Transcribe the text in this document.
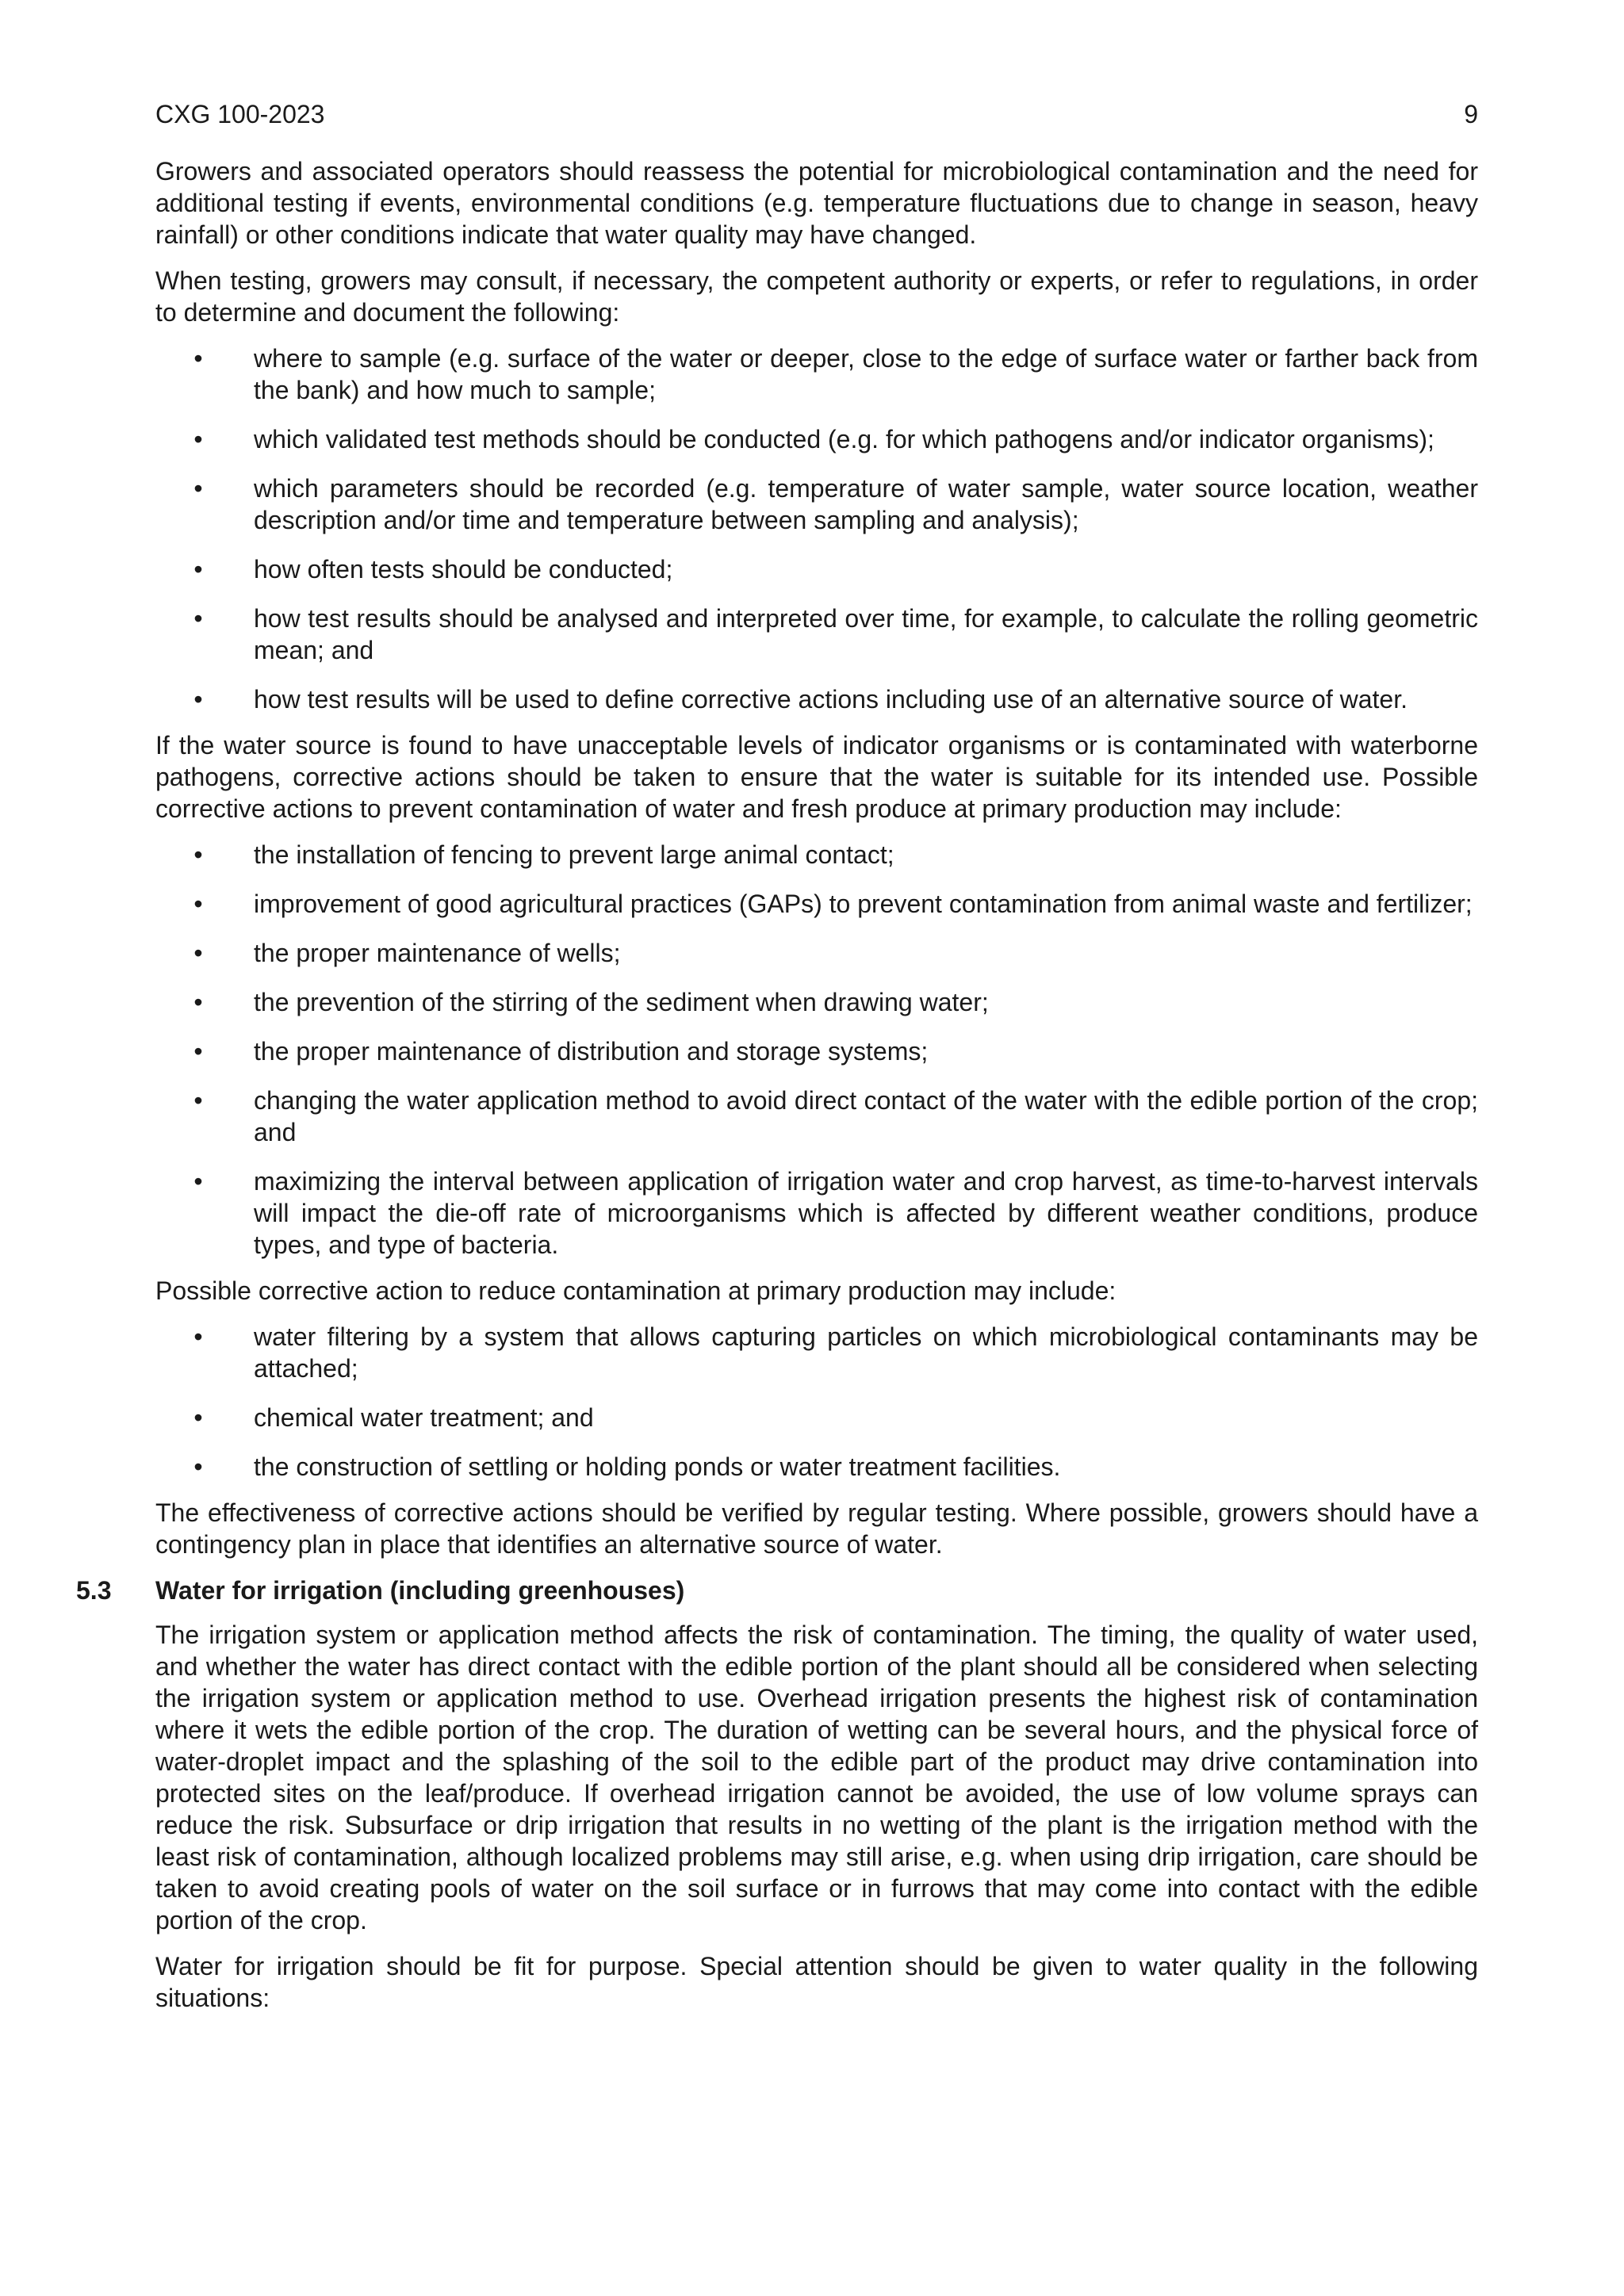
CXG 100-2023	9

Growers and associated operators should reassess the potential for microbiological contamination and the need for additional testing if events, environmental conditions (e.g. temperature fluctuations due to change in season, heavy rainfall) or other conditions indicate that water quality may have changed.

When testing, growers may consult, if necessary, the competent authority or experts, or refer to regulations, in order to determine and document the following:

• where to sample (e.g. surface of the water or deeper, close to the edge of surface water or farther back from the bank) and how much to sample;
• which validated test methods should be conducted (e.g. for which pathogens and/or indicator organisms);
• which parameters should be recorded (e.g. temperature of water sample, water source location, weather description and/or time and temperature between sampling and analysis);
• how often tests should be conducted;
• how test results should be analysed and interpreted over time, for example, to calculate the rolling geometric mean; and
• how test results will be used to define corrective actions including use of an alternative source of water.

If the water source is found to have unacceptable levels of indicator organisms or is contaminated with waterborne pathogens, corrective actions should be taken to ensure that the water is suitable for its intended use. Possible corrective actions to prevent contamination of water and fresh produce at primary production may include:

• the installation of fencing to prevent large animal contact;
• improvement of good agricultural practices (GAPs) to prevent contamination from animal waste and fertilizer;
• the proper maintenance of wells;
• the prevention of the stirring of the sediment when drawing water;
• the proper maintenance of distribution and storage systems;
• changing the water application method to avoid direct contact of the water with the edible portion of the crop; and
• maximizing the interval between application of irrigation water and crop harvest, as time-to-harvest intervals will impact the die-off rate of microorganisms which is affected by different weather conditions, produce types, and type of bacteria.

Possible corrective action to reduce contamination at primary production may include:

• water filtering by a system that allows capturing particles on which microbiological contaminants may be attached;
• chemical water treatment; and
• the construction of settling or holding ponds or water treatment facilities.

The effectiveness of corrective actions should be verified by regular testing. Where possible, growers should have a contingency plan in place that identifies an alternative source of water.

5.3 Water for irrigation (including greenhouses)

The irrigation system or application method affects the risk of contamination. The timing, the quality of water used, and whether the water has direct contact with the edible portion of the plant should all be considered when selecting the irrigation system or application method to use. Overhead irrigation presents the highest risk of contamination where it wets the edible portion of the crop. The duration of wetting can be several hours, and the physical force of water-droplet impact and the splashing of the soil to the edible part of the product may drive contamination into protected sites on the leaf/produce. If overhead irrigation cannot be avoided, the use of low volume sprays can reduce the risk. Subsurface or drip irrigation that results in no wetting of the plant is the irrigation method with the least risk of contamination, although localized problems may still arise, e.g. when using drip irrigation, care should be taken to avoid creating pools of water on the soil surface or in furrows that may come into contact with the edible portion of the crop.

Water for irrigation should be fit for purpose. Special attention should be given to water quality in the following situations:
